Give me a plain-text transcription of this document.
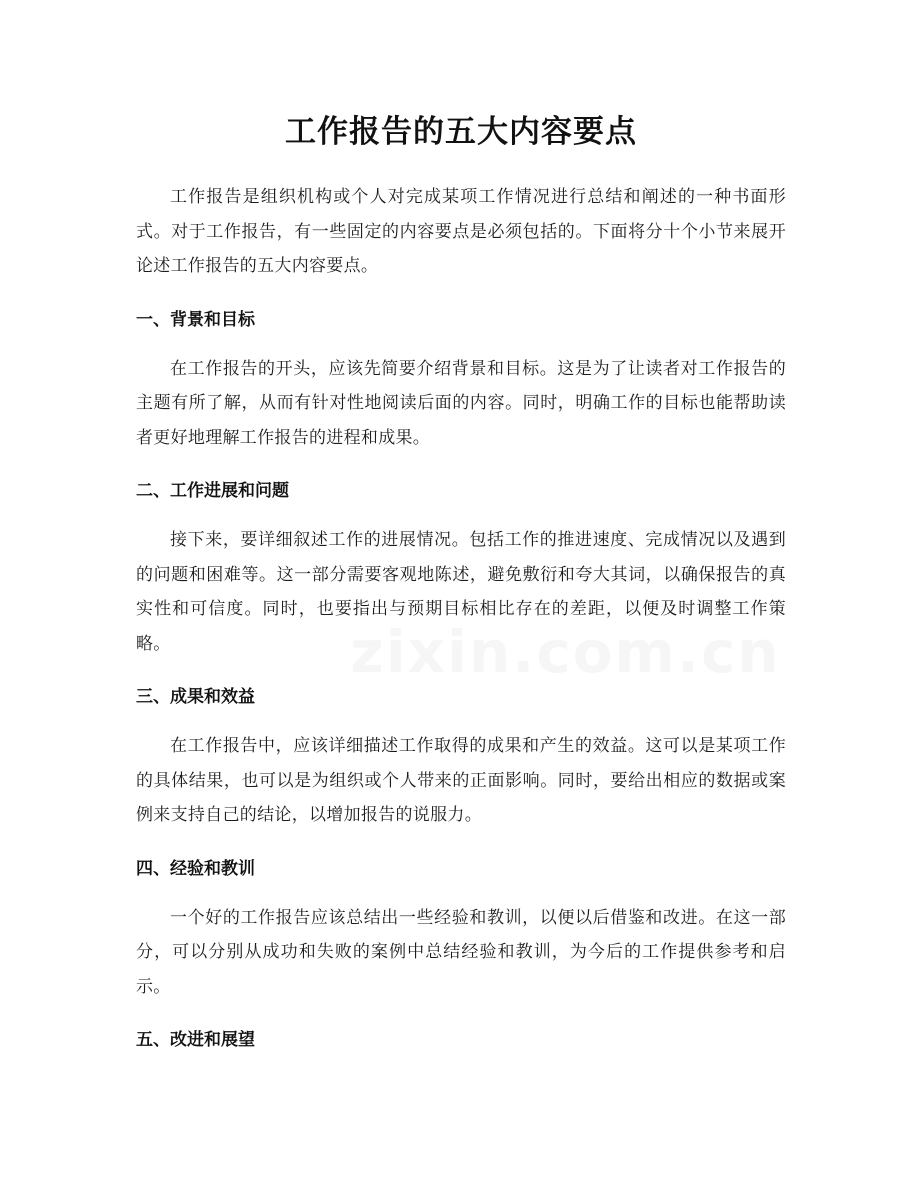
工作报告的五大内容要点

工作报告是组织机构或个人对完成某项工作情况进行总结和阐述的一种书面形式。对于工作报告，有一些固定的内容要点是必须包括的。下面将分十个小节来展开论述工作报告的五大内容要点。

一、背景和目标

在工作报告的开头，应该先简要介绍背景和目标。这是为了让读者对工作报告的主题有所了解，从而有针对性地阅读后面的内容。同时，明确工作的目标也能帮助读者更好地理解工作报告的进程和成果。

二、工作进展和问题

接下来，要详细叙述工作的进展情况。包括工作的推进速度、完成情况以及遇到的问题和困难等。这一部分需要客观地陈述，避免敷衍和夸大其词，以确保报告的真实性和可信度。同时，也要指出与预期目标相比存在的差距，以便及时调整工作策略。

三、成果和效益

在工作报告中，应该详细描述工作取得的成果和产生的效益。这可以是某项工作的具体结果，也可以是为组织或个人带来的正面影响。同时，要给出相应的数据或案例来支持自己的结论，以增加报告的说服力。

四、经验和教训

一个好的工作报告应该总结出一些经验和教训，以便以后借鉴和改进。在这一部分，可以分别从成功和失败的案例中总结经验和教训，为今后的工作提供参考和启示。

五、改进和展望
